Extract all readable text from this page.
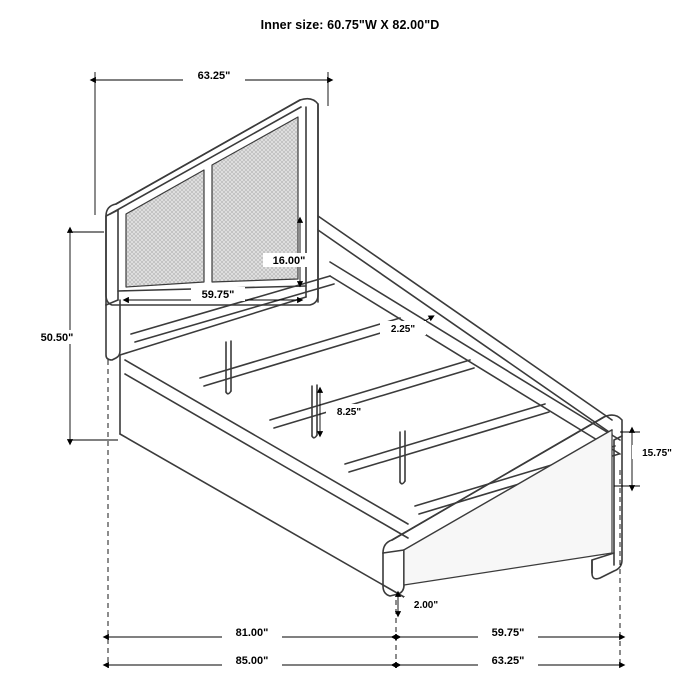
Inner size: 60.75"W X 82.00"D
63.25"
50.50"
16.00"
59.75"
2.25"
8.25"
15.75"
2.00"
81.00"	59.75"
85.00"	63.25"
